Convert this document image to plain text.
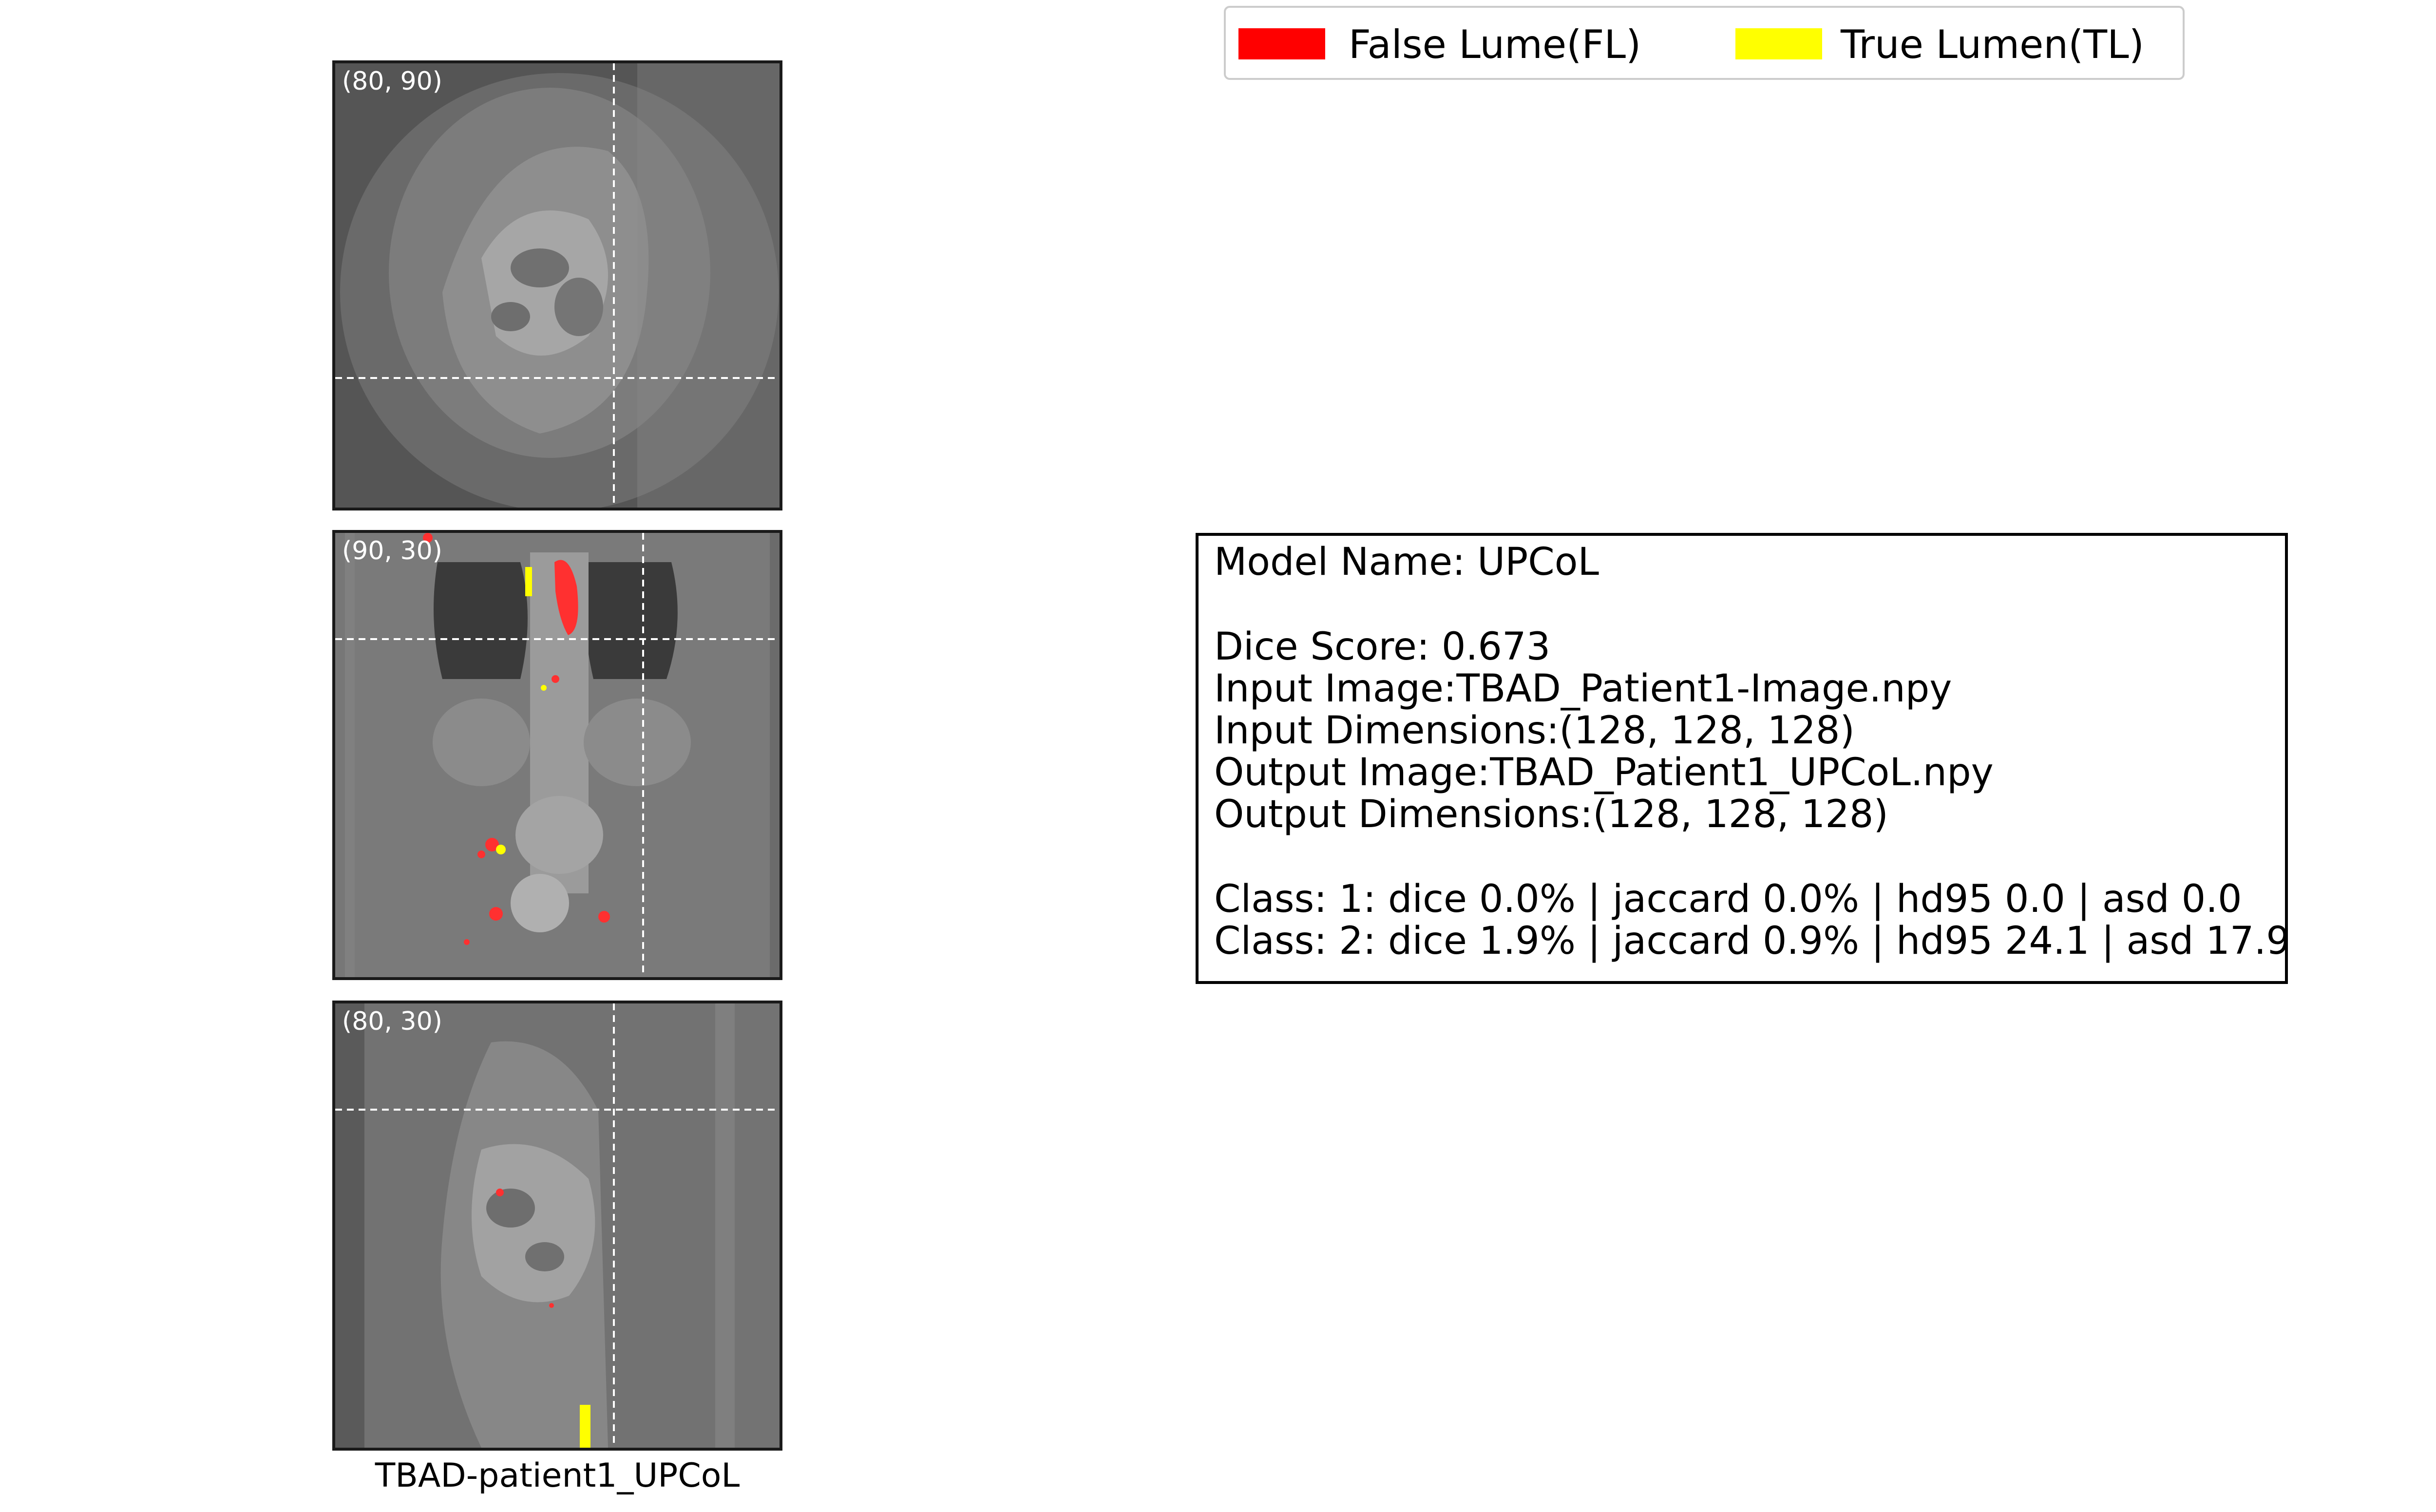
False Lume(FL)	True Lumen(TL)
(80, 90)
(90, 30)
(80, 30)
TBAD-patient1_UPCoL
Model Name: UPCoL
Dice Score: 0.673
Input Image:TBAD_Patient1-Image.npy
Input Dimensions:(128, 128, 128)
Output Image:TBAD_Patient1_UPCoL.npy
Output Dimensions:(128, 128, 128)
Class: 1: dice 0.0% | jaccard 0.0% | hd95 0.0 | asd 0.0
Class: 2: dice 1.9% | jaccard 0.9% | hd95 24.1 | asd 17.9
